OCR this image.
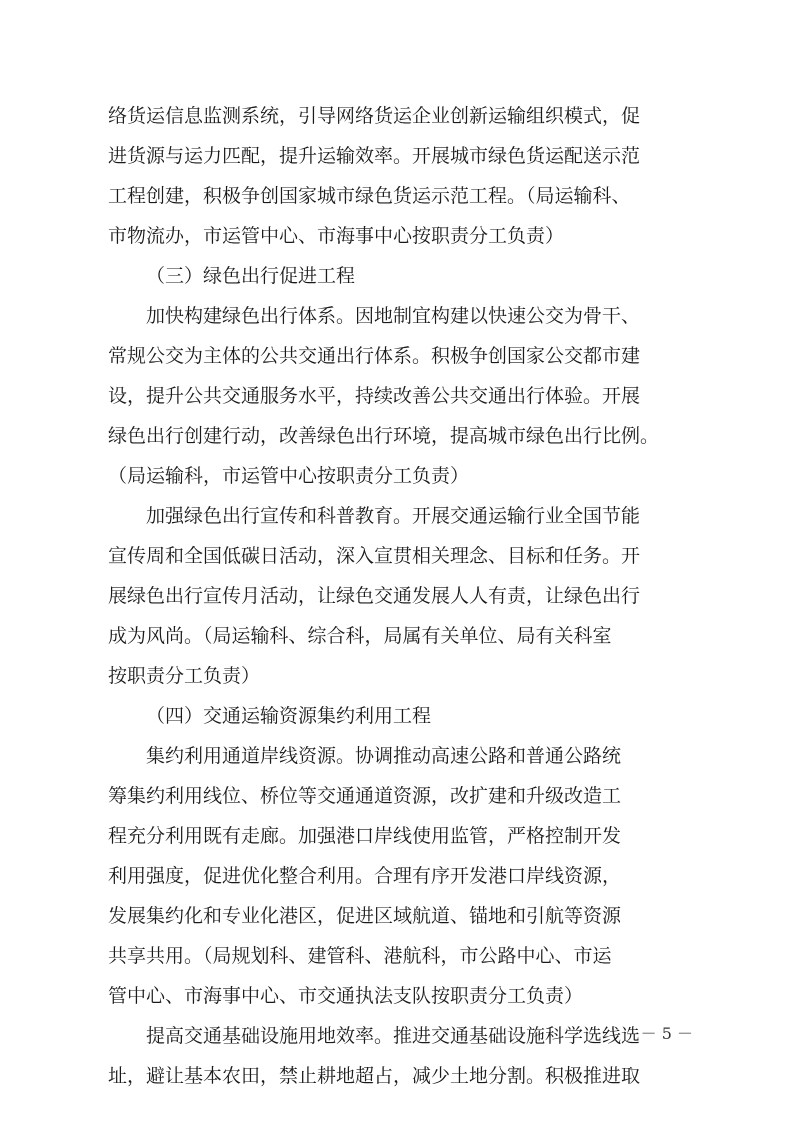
络货运信息监测系统，引导网络货运企业创新运输组织模式，促
进货源与运力匹配，提升运输效率。开展城市绿色货运配送示范
工程创建，积极争创国家城市绿色货运示范工程。（局运输科、
市物流办，市运管中心、市海事中心按职责分工负责）
（三）绿色出行促进工程
加快构建绿色出行体系。因地制宜构建以快速公交为骨干、
常规公交为主体的公共交通出行体系。积极争创国家公交都市建
设，提升公共交通服务水平，持续改善公共交通出行体验。开展
绿色出行创建行动，改善绿色出行环境，提高城市绿色出行比例。
（局运输科，市运管中心按职责分工负责）
加强绿色出行宣传和科普教育。开展交通运输行业全国节能
宣传周和全国低碳日活动，深入宣贯相关理念、目标和任务。开
展绿色出行宣传月活动，让绿色交通发展人人有责，让绿色出行
成为风尚。（局运输科、综合科，局属有关单位、局有关科室
按职责分工负责）
（四）交通运输资源集约利用工程
集约利用通道岸线资源。协调推动高速公路和普通公路统
筹集约利用线位、桥位等交通通道资源，改扩建和升级改造工
程充分利用既有走廊。加强港口岸线使用监管，严格控制开发
利用强度，促进优化整合利用。合理有序开发港口岸线资源，
发展集约化和专业化港区，促进区域航道、锚地和引航等资源
共享共用。（局规划科、建管科、港航科，市公路中心、市运
管中心、市海事中心、市交通执法支队按职责分工负责）
提高交通基础设施用地效率。推进交通基础设施科学选线选
址，避让基本农田，禁止耕地超占，减少土地分割。积极推进取
－ 5 －
